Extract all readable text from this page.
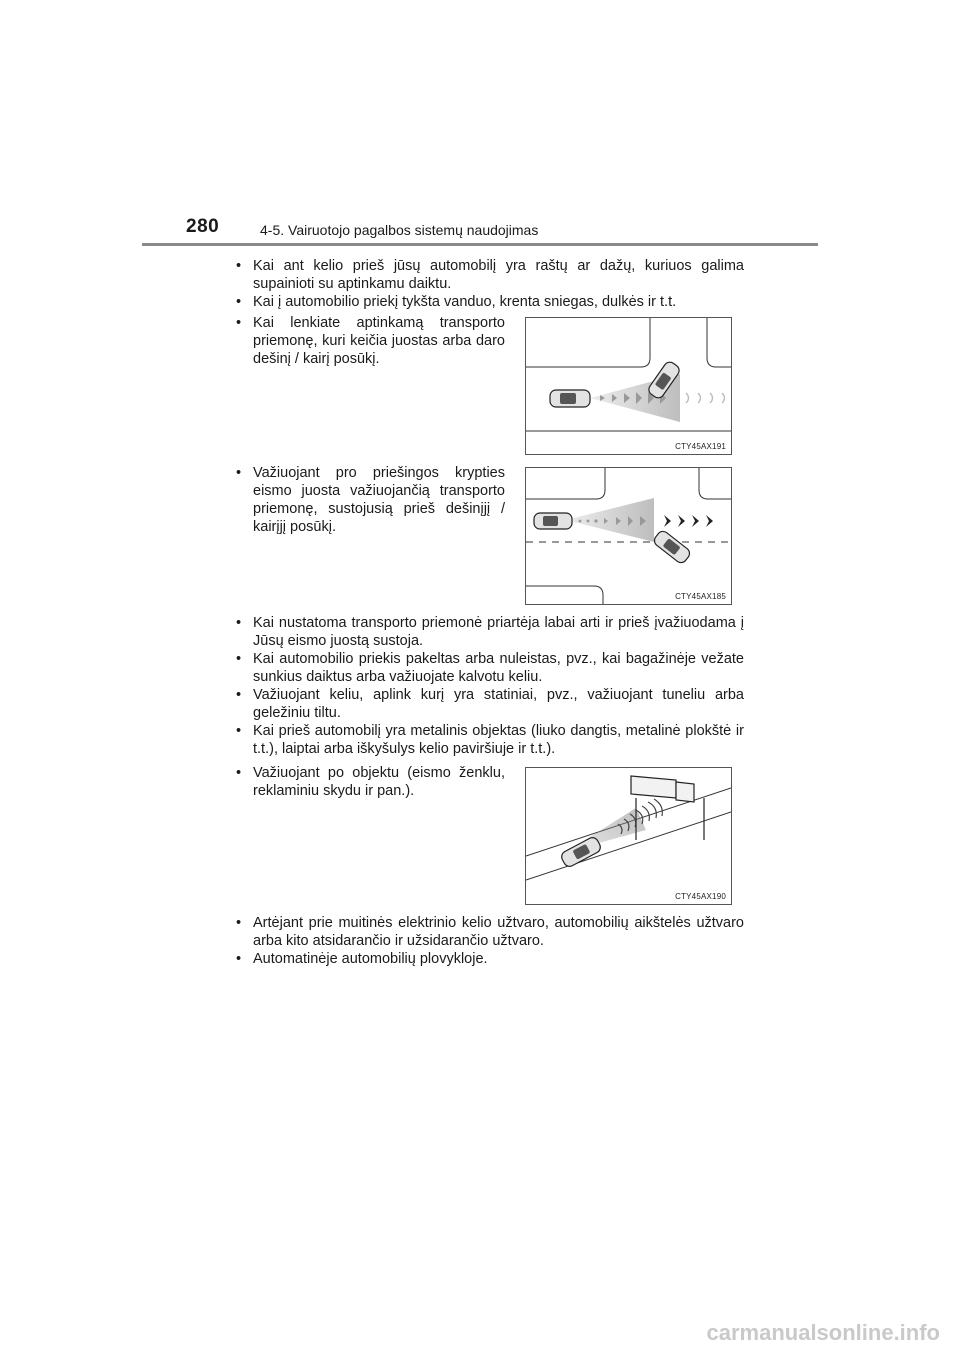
280	4-5. Vairuotojo pagalbos sistemų naudojimas
• Kai ant kelio prieš jūsų automobilį yra raštų ar dažų, kuriuos galima supainioti su aptinkamu daiktu.
• Kai į automobilio priekį tykšta vanduo, krenta sniegas, dulkės ir t.t.
• Kai lenkiate aptinkamą transporto priemonę, kuri keičia juostas arba daro dešinį / kairį posūkį.
CTY45AX191
• Važiuojant pro priešingos krypties eismo juosta važiuojančią transporto priemonę, sustojusią prieš dešinįjį / kairįjį posūkį.
CTY45AX185
• Kai nustatoma transporto priemonė priartėja labai arti ir prieš įvažiuodama į Jūsų eismo juostą sustoja.
• Kai automobilio priekis pakeltas arba nuleistas, pvz., kai bagažinėje vežate sunkius daiktus arba važiuojate kalvotu keliu.
• Važiuojant keliu, aplink kurį yra statiniai, pvz., važiuojant tuneliu arba geležiniu tiltu.
• Kai prieš automobilį yra metalinis objektas (liuko dangtis, metalinė plokštė ir t.t.), laiptai arba iškyšulys kelio paviršiuje ir t.t.).
• Važiuojant po objektu (eismo ženklu, reklaminiu skydu ir pan.).
CTY45AX190
• Artėjant prie muitinės elektrinio kelio užtvaro, automobilių aikštelės užtvaro arba kito atsidarančio ir užsidarančio užtvaro.
• Automatinėje automobilių plovykloje.
carmanualsonline.info
